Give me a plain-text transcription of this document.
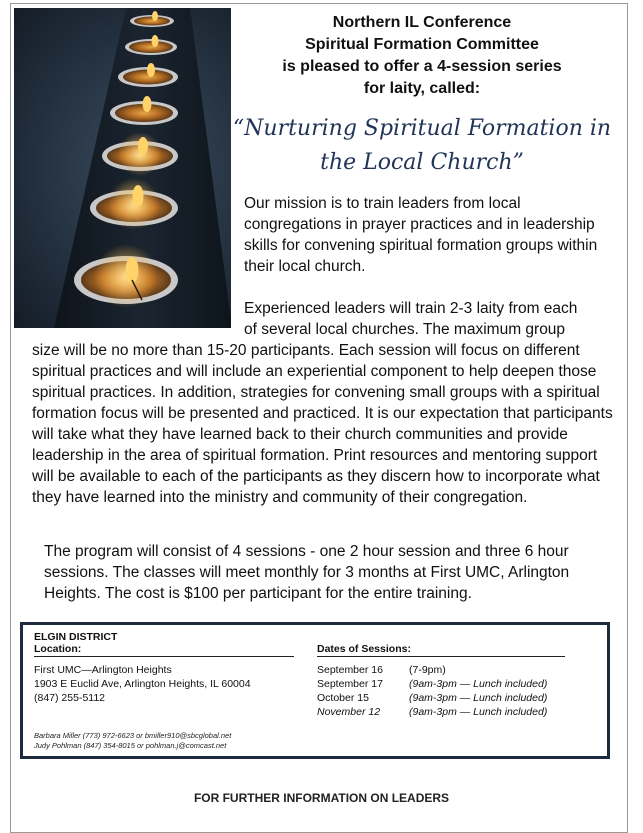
Northern IL Conference

Spiritual Formation Committee

is pleased to offer a 4-session series

for laity, called:

“Nurturing Spiritual Formation in
the Local Church”

Our mission is to train leaders from local congregations in prayer practices and in leadership skills for convening spiritual formation groups within their local church.

Experienced leaders will train 2-3 laity from each
of several local churches. The maximum group

size will be no more than 15-20 participants. Each session will focus on different spiritual practices and will include an experiential component to help deepen those spiritual practices. In addition, strategies for convening small groups with a spiritual formation focus will be presented and practiced. It is our expectation that participants will take what they have learned back to their church communities and provide leadership in the area of spiritual formation. Print resources and mentoring support will be available to each of the participants as they discern how to incorporate what they have learned into the ministry and community of their congregation.

The program will consist of 4 sessions - one 2 hour session and three 6 hour sessions. The classes will meet monthly for 3 months at First UMC, Arlington Heights. The cost is $100 per participant for the entire training.

ELGIN DISTRICT
Location:	Dates of Sessions:
First UMC—Arlington Heights
1903 E Euclid Ave, Arlington Heights, IL 60004
(847) 255-5112
September 16	(7-9pm)
September 17	(9am-3pm — Lunch included)
October 15	(9am-3pm — Lunch included)
November 12	(9am-3pm — Lunch included)
Barbara Miller (773) 972-6623 or bmiller910@sbcglobal.net
Judy Pohlman (847) 354-8015 or pohlman.j@comcast.net
FOR FURTHER INFORMATION ON LEADERS
